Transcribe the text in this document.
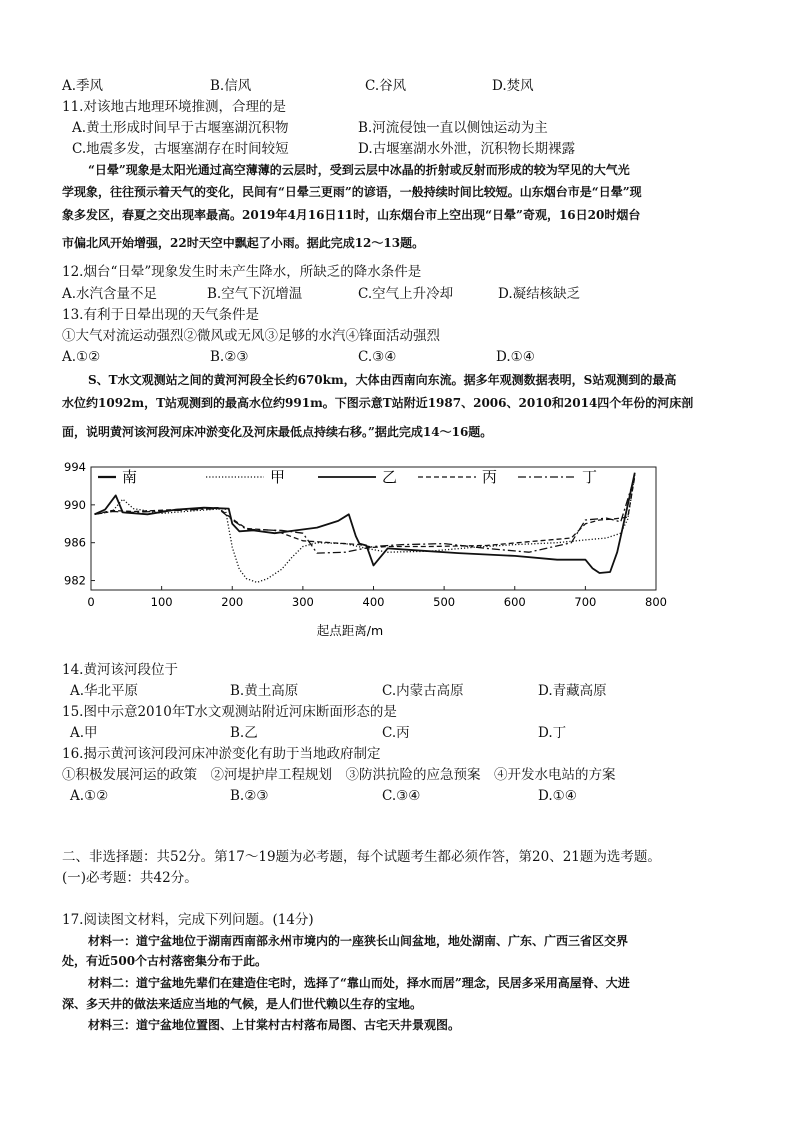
A.季风	B.信风	C.谷风	D.焚风
11.对该地古地理环境推测，合理的是
A.黄土形成时间早于古堰塞湖沉积物	B.河流侵蚀一直以侧蚀运动为主
C.地震多发，古堰塞湖存在时间较短	D.古堰塞湖水外泄，沉积物长期裸露
“日晕”现象是太阳光通过高空薄薄的云层时，受到云层中冰晶的折射或反射而形成的较为罕见的大气光
学现象，往往预示着天气的变化，民间有“日晕三更雨”的谚语，一般持续时间比较短。山东烟台市是“日晕”现
象多发区，春夏之交出现率最高。2019年4月16日11时，山东烟台市上空出现“日晕”奇观，16日20时烟台
市偏北风开始增强，22时天空中飘起了小雨。据此完成12～13题。
12.烟台“日晕”现象发生时未产生降水，所缺乏的降水条件是
A.水汽含量不足	B.空气下沉增温	C.空气上升冷却	D.凝结核缺乏
13.有利于日晕出现的天气条件是
①大气对流运动强烈②微风或无风③足够的水汽④锋面活动强烈
A.①②	B.②③	C.③④	D.①④
S、T水文观测站之间的黄河河段全长约670km，大体由西南向东流。据多年观测数据表明，S站观测到的最高
水位约1092m，T站观测到的最高水位约991m。下图示意T站附近1987、2006、2010和2014四个年份的河床剖
面，说明黄河该河段河床冲淤变化及河床最低点持续右移。”据此完成14～16题。
0	100	200	300	400	500	600	700	800
982
986
990
994
南	甲	乙	丙	丁
起点距离/m
14.黄河该河段位于
A.华北平原	B.黄土高原	C.内蒙古高原	D.青藏高原
15.图中示意2010年T水文观测站附近河床断面形态的是
A.甲	B.乙	C.丙	D.丁
16.揭示黄河该河段河床冲淤变化有助于当地政府制定
①积极发展河运的政策　②河堤护岸工程规划　③防洪抗险的应急预案　④开发水电站的方案
A.①②	B.②③	C.③④	D.①④
二、非选择题：共52分。第17～19题为必考题，每个试题考生都必须作答，第20、21题为选考题。
(一)必考题：共42分。
17.阅读图文材料，完成下列问题。(14分)
材料一：道宁盆地位于湖南西南部永州市境内的一座狭长山间盆地，地处湖南、广东、广西三省区交界
处，有近500个古村落密集分布于此。
材料二：道宁盆地先辈们在建造住宅时，选择了“靠山而处，择水而居”理念，民居多采用高屋脊、大进
深、多天井的做法来适应当地的气候，是人们世代赖以生存的宝地。
材料三：道宁盆地位置图、上甘棠村古村落布局图、古宅天井景观图。
